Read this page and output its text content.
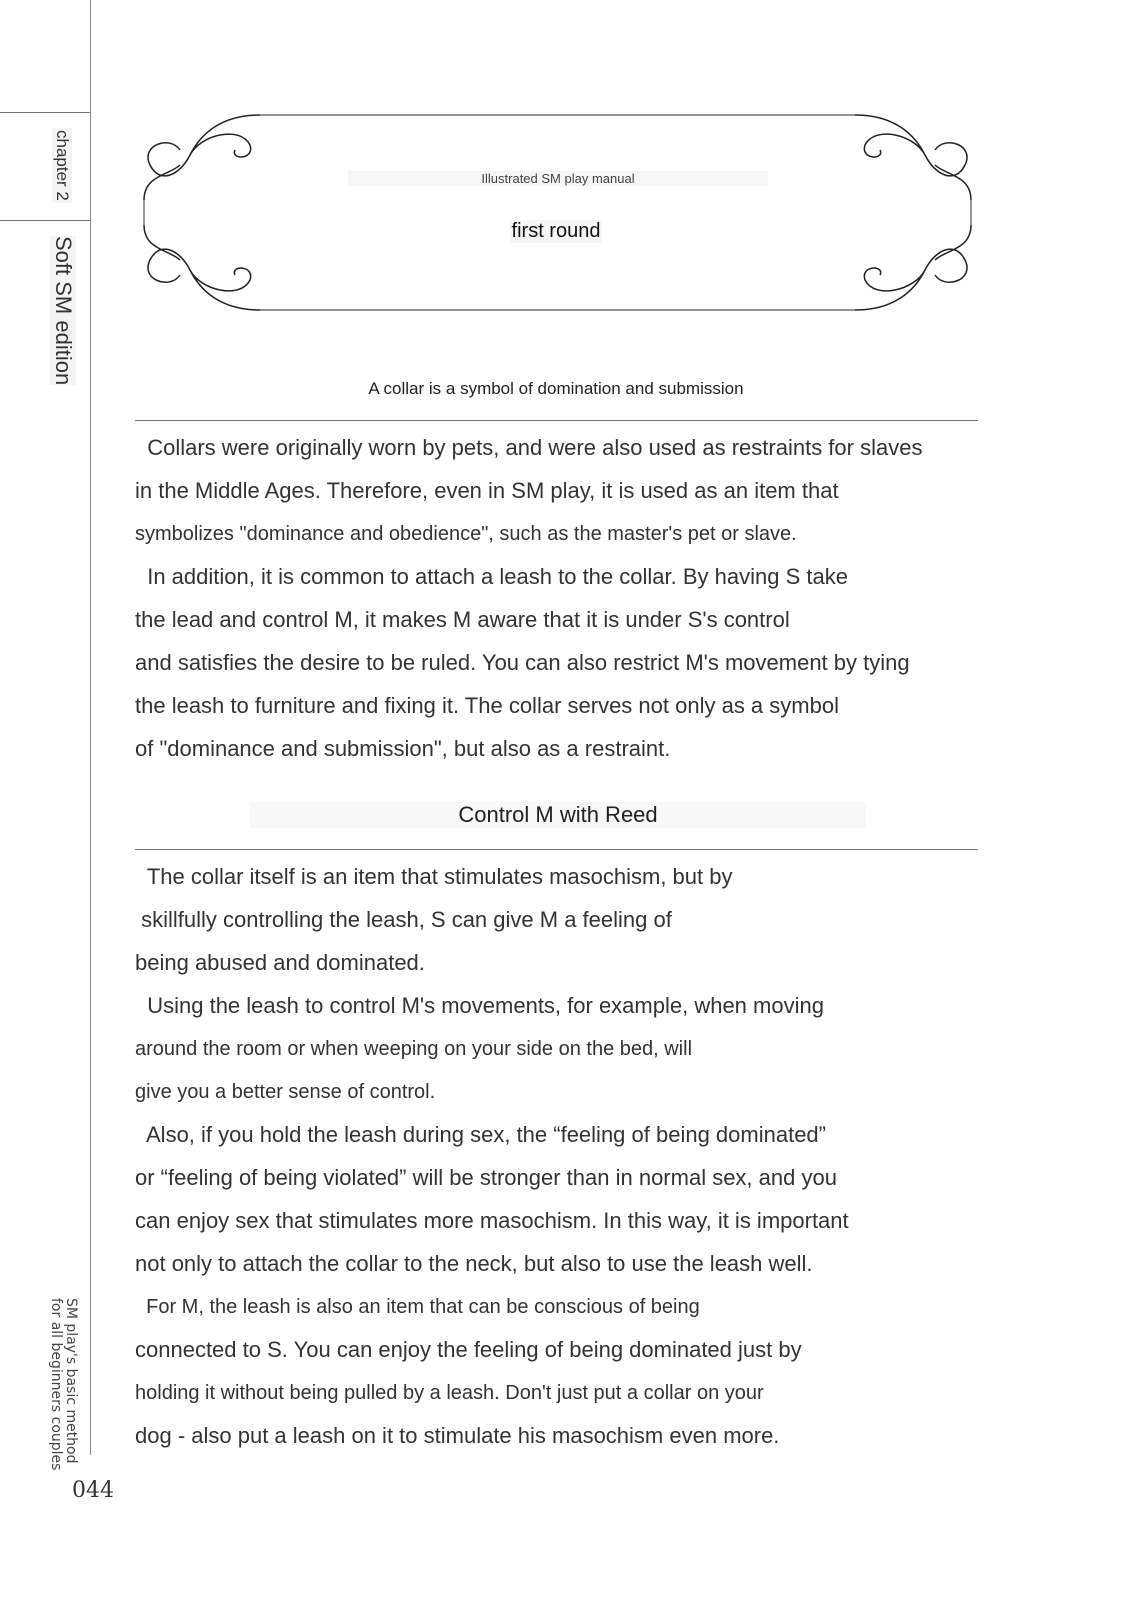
chapter 2
Soft SM edition
SM play's basic method
for all beginners couples
044
Illustrated SM play manual
first round
A collar is a symbol of domination and submission
Collars were originally worn by pets, and were also used as restraints for slaves
in the Middle Ages. Therefore, even in SM play, it is used as an item that
symbolizes "dominance and obedience", such as the master's pet or slave.
In addition, it is common to attach a leash to the collar. By having S take
the lead and control M, it makes M aware that it is under S's control
and satisfies the desire to be ruled. You can also restrict M's movement by tying
the leash to furniture and fixing it. The collar serves not only as a symbol
of "dominance and submission", but also as a restraint.
Control M with Reed
The collar itself is an item that stimulates masochism, but by
skillfully controlling the leash, S can give M a feeling of
being abused and dominated.
Using the leash to control M's movements, for example, when moving
around the room or when weeping on your side on the bed, will
give you a better sense of control.
Also, if you hold the leash during sex, the “feeling of being dominated”
or “feeling of being violated” will be stronger than in normal sex, and you
can enjoy sex that stimulates more masochism. In this way, it is important
not only to attach the collar to the neck, but also to use the leash well.
For M, the leash is also an item that can be conscious of being
connected to S. You can enjoy the feeling of being dominated just by
holding it without being pulled by a leash. Don't just put a collar on your
dog - also put a leash on it to stimulate his masochism even more.
